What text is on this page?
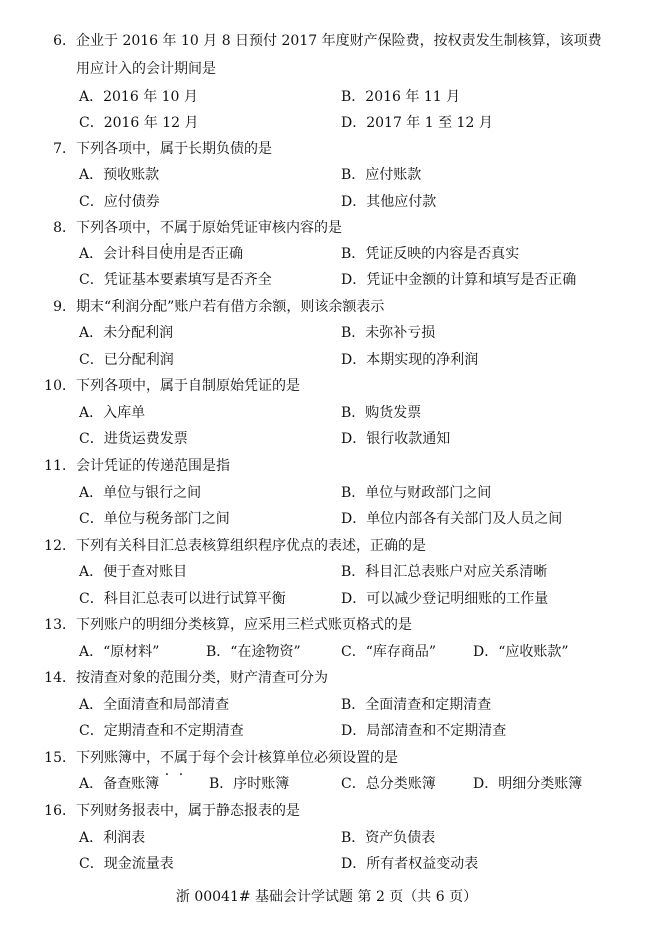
6．企业于 2016 年 10 月 8 日预付 2017 年度财产保险费，按权责发生制核算，该项费
用应计入的会计期间是
A．2016 年 10 月	B．2016 年 11 月
C．2016 年 12 月	D．2017 年 1 至 12 月
7．下列各项中，属于长期负债的是
A．预收账款	B．应付账款
C．应付债券	D．其他应付款
8．下列各项中，不属于原始凭证审核内容的是
A．会计科目使用是否正确	B．凭证反映的内容是否真实
C．凭证基本要素填写是否齐全	D．凭证中金额的计算和填写是否正确
9．期末“利润分配”账户若有借方余额，则该余额表示
A．未分配利润	B．未弥补亏损
C．已分配利润	D．本期实现的净利润
10．下列各项中，属于自制原始凭证的是
A．入库单	B．购货发票
C．进货运费发票	D．银行收款通知
11．会计凭证的传递范围是指
A．单位与银行之间	B．单位与财政部门之间
C．单位与税务部门之间	D．单位内部各有关部门及人员之间
12．下列有关科目汇总表核算组织程序优点的表述，正确的是
A．便于查对账目	B．科目汇总表账户对应关系清晰
C．科目汇总表可以进行试算平衡	D．可以减少登记明细账的工作量
13．下列账户的明细分类核算，应采用三栏式账页格式的是
A．“原材料”	B．“在途物资”	C．“库存商品”	D．“应收账款”
14．按清查对象的范围分类，财产清查可分为
A．全面清查和局部清查	B．全面清查和定期清查
C．定期清查和不定期清查	D．局部清查和不定期清查
15．下列账簿中，不属于每个会计核算单位必须设置的是
A．备查账簿	B．序时账簿	C．总分类账簿	D．明细分类账簿
16．下列财务报表中，属于静态报表的是
A．利润表	B．资产负债表
C．现金流量表	D．所有者权益变动表
浙 00041# 基础会计学试题 第 2 页（共 6 页）
